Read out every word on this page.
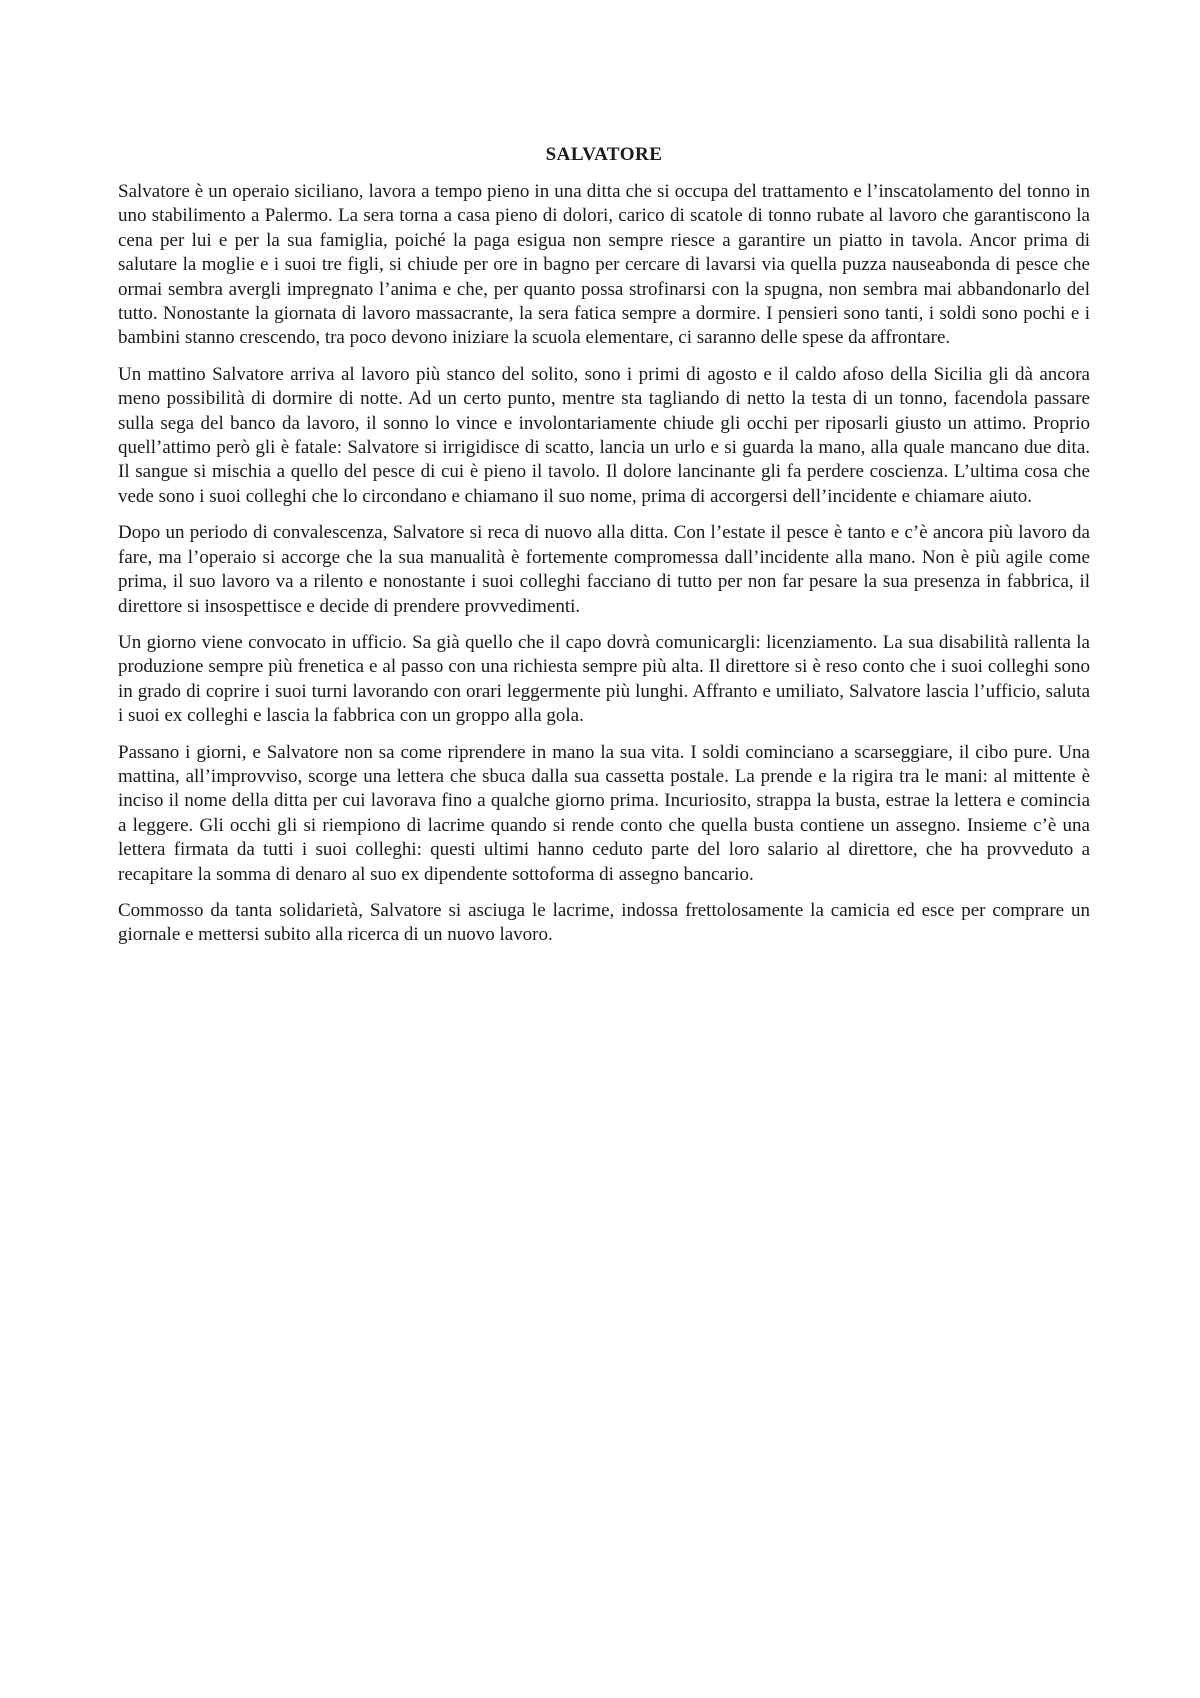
SALVATORE

Salvatore è un operaio siciliano, lavora a tempo pieno in una ditta che si occupa del trattamento e l’inscatolamento del tonno in uno stabilimento a Palermo. La sera torna a casa pieno di dolori, carico di scatole di tonno rubate al lavoro che garantiscono la cena per lui e per la sua famiglia, poiché la paga esigua non sempre riesce a garantire un piatto in tavola. Ancor prima di salutare la moglie e i suoi tre figli, si chiude per ore in bagno per cercare di lavarsi via quella puzza nauseabonda di pesce che ormai sembra avergli impregnato l’anima e che, per quanto possa strofinarsi con la spugna, non sembra mai abbandonarlo del tutto. Nonostante la giornata di lavoro massacrante, la sera fatica sempre a dormire. I pensieri sono tanti, i soldi sono pochi e i bambini stanno crescendo, tra poco devono iniziare la scuola elementare, ci saranno delle spese da affrontare.

Un mattino Salvatore arriva al lavoro più stanco del solito, sono i primi di agosto e il caldo afoso della Sicilia gli dà ancora meno possibilità di dormire di notte. Ad un certo punto, mentre sta tagliando di netto la testa di un tonno, facendola passare sulla sega del banco da lavoro, il sonno lo vince e involontariamente chiude gli occhi per riposarli giusto un attimo. Proprio quell’attimo però gli è fatale: Salvatore si irrigidisce di scatto, lancia un urlo e si guarda la mano, alla quale mancano due dita. Il sangue si mischia a quello del pesce di cui è pieno il tavolo. Il dolore lancinante gli fa perdere coscienza. L’ultima cosa che vede sono i suoi colleghi che lo circondano e chiamano il suo nome, prima di accorgersi dell’incidente e chiamare aiuto.

Dopo un periodo di convalescenza, Salvatore si reca di nuovo alla ditta. Con l’estate il pesce è tanto e c’è ancora più lavoro da fare, ma l’operaio si accorge che la sua manualità è fortemente compromessa dall’incidente alla mano. Non è più agile come prima, il suo lavoro va a rilento e nonostante i suoi colleghi facciano di tutto per non far pesare la sua presenza in fabbrica, il direttore si insospettisce e decide di prendere provvedimenti.

Un giorno viene convocato in ufficio. Sa già quello che il capo dovrà comunicargli: licenziamento. La sua disabilità rallenta la produzione sempre più frenetica e al passo con una richiesta sempre più alta. Il direttore si è reso conto che i suoi colleghi sono in grado di coprire i suoi turni lavorando con orari leggermente più lunghi. Affranto e umiliato, Salvatore lascia l’ufficio, saluta i suoi ex colleghi e lascia la fabbrica con un groppo alla gola.

Passano i giorni, e Salvatore non sa come riprendere in mano la sua vita. I soldi cominciano a scarseggiare, il cibo pure. Una mattina, all’improvviso, scorge una lettera che sbuca dalla sua cassetta postale. La prende e la rigira tra le mani: al mittente è inciso il nome della ditta per cui lavorava fino a qualche giorno prima. Incuriosito, strappa la busta, estrae la lettera e comincia a leggere. Gli occhi gli si riempiono di lacrime quando si rende conto che quella busta contiene un assegno. Insieme c’è una lettera firmata da tutti i suoi colleghi: questi ultimi hanno ceduto parte del loro salario al direttore, che ha provveduto a recapitare la somma di denaro al suo ex dipendente sottoforma di assegno bancario.

Commosso da tanta solidarietà, Salvatore si asciuga le lacrime, indossa frettolosamente la camicia ed esce per comprare un giornale e mettersi subito alla ricerca di un nuovo lavoro.
